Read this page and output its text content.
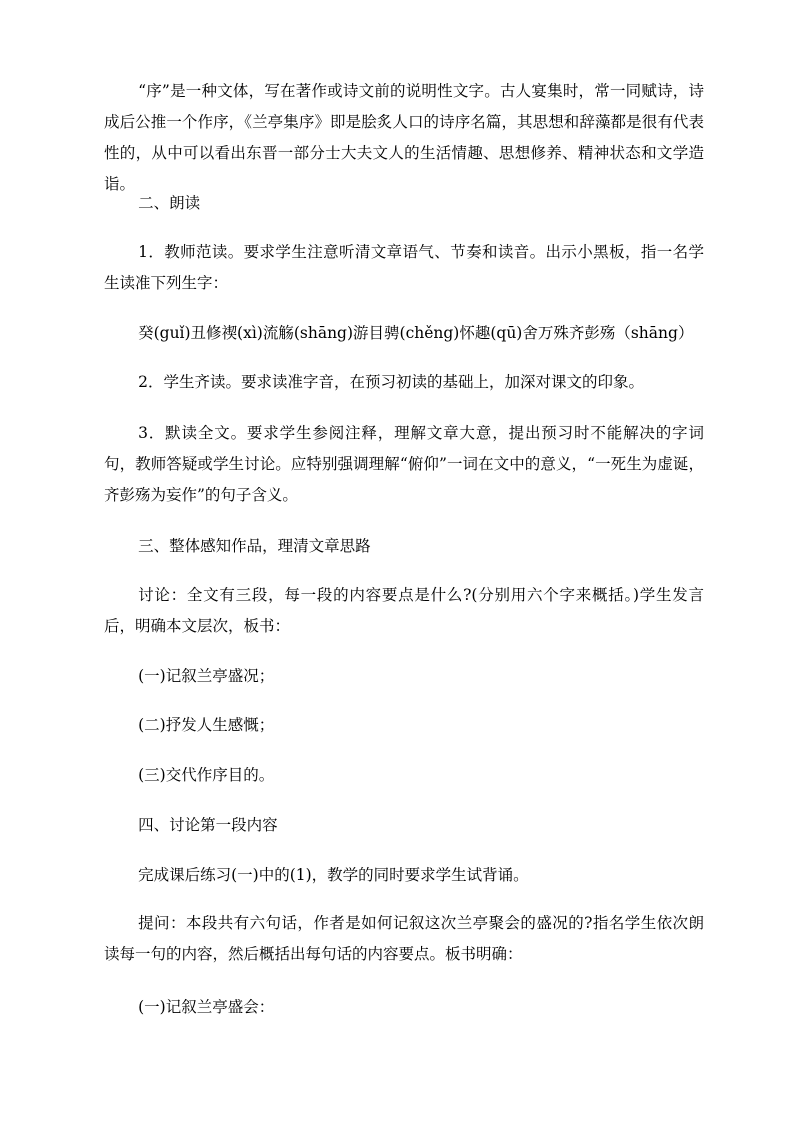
“序”是一种文体，写在著作或诗文前的说明性文字。古人宴集时，常一同赋诗，诗成后公推一个作序，《兰亭集序》即是脍炙人口的诗序名篇，其思想和辞藻都是很有代表性的，从中可以看出东晋一部分士大夫文人的生活情趣、思想修养、精神状态和文学造诣。

二、朗读

1．教师范读。要求学生注意听清文章语气、节奏和读音。出示小黑板，指一名学生读准下列生字：

癸(guǐ)丑修禊(xì)流觞(shāng)游目骋(chěng)怀趣(qū)舍万殊齐彭殇（shāng）

2．学生齐读。要求读准字音，在预习初读的基础上，加深对课文的印象。

3．默读全文。要求学生参阅注释，理解文章大意，提出预习时不能解决的字词句，教师答疑或学生讨论。应特别强调理解“俯仰”一词在文中的意义，“一死生为虚诞，齐彭殇为妄作”的句子含义。

三、整体感知作品，理清文章思路

讨论：全文有三段，每一段的内容要点是什么?(分别用六个字来概括。)学生发言后，明确本文层次，板书：

(一)记叙兰亭盛况；

(二)抒发人生感慨；

(三)交代作序目的。

四、讨论第一段内容

完成课后练习(一)中的(1)，教学的同时要求学生试背诵。

提问：本段共有六句话，作者是如何记叙这次兰亭聚会的盛况的?指名学生依次朗读每一句的内容，然后概括出每句话的内容要点。板书明确：

(一)记叙兰亭盛会：
